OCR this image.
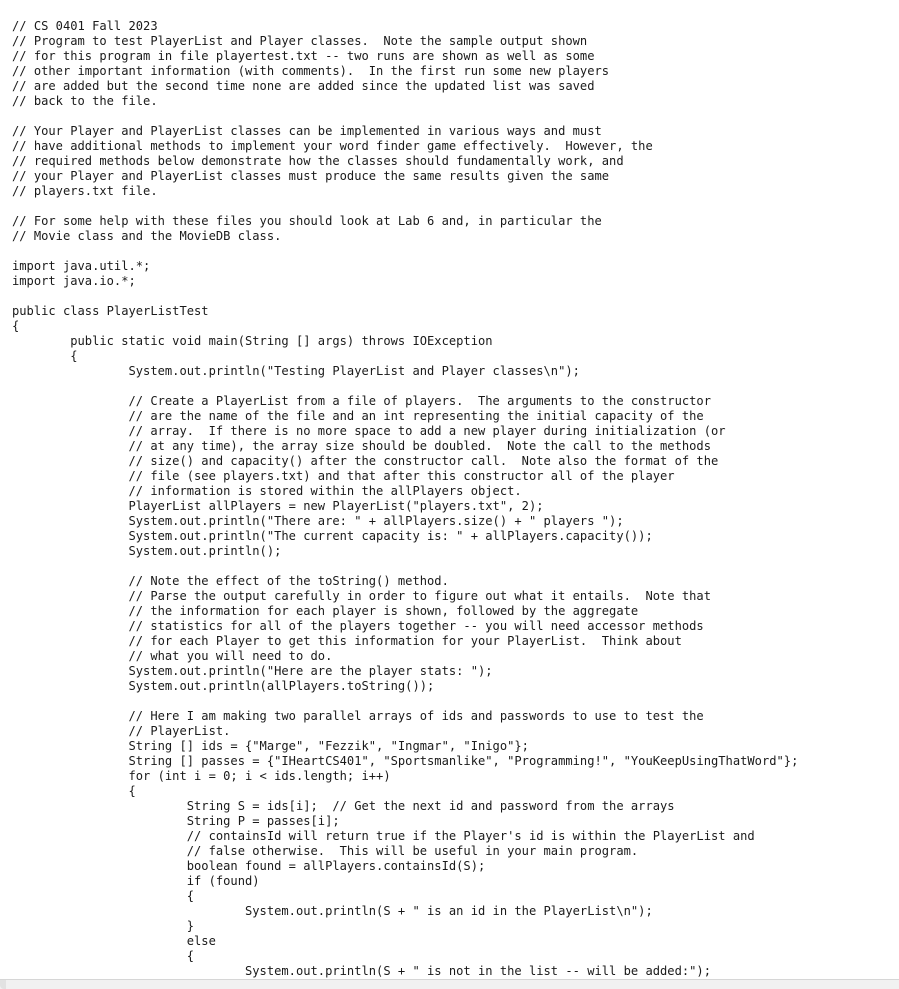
// CS 0401 Fall 2023
// Program to test PlayerList and Player classes.  Note the sample output shown
// for this program in file playertest.txt -- two runs are shown as well as some
// other important information (with comments).  In the first run some new players
// are added but the second time none are added since the updated list was saved
// back to the file.
// Your Player and PlayerList classes can be implemented in various ways and must
// have additional methods to implement your word finder game effectively.  However, the
// required methods below demonstrate how the classes should fundamentally work, and
// your Player and PlayerList classes must produce the same results given the same
// players.txt file.
// For some help with these files you should look at Lab 6 and, in particular the
// Movie class and the MovieDB class.
import java.util.*;
import java.io.*;
public class PlayerListTest
{
public static void main(String [] args) throws IOException
{
System.out.println("Testing PlayerList and Player classes\n");
// Create a PlayerList from a file of players.  The arguments to the constructor
// are the name of the file and an int representing the initial capacity of the
// array.  If there is no more space to add a new player during initialization (or
// at any time), the array size should be doubled.  Note the call to the methods
// size() and capacity() after the constructor call.  Note also the format of the
// file (see players.txt) and that after this constructor all of the player
// information is stored within the allPlayers object.
PlayerList allPlayers = new PlayerList("players.txt", 2);
System.out.println("There are: " + allPlayers.size() + " players ");
System.out.println("The current capacity is: " + allPlayers.capacity());
System.out.println();
// Note the effect of the toString() method.
// Parse the output carefully in order to figure out what it entails.  Note that
// the information for each player is shown, followed by the aggregate
// statistics for all of the players together -- you will need accessor methods
// for each Player to get this information for your PlayerList.  Think about
// what you will need to do.
System.out.println("Here are the player stats: ");
System.out.println(allPlayers.toString());
// Here I am making two parallel arrays of ids and passwords to use to test the
// PlayerList.
String [] ids = {"Marge", "Fezzik", "Ingmar", "Inigo"};
String [] passes = {"IHeartCS401", "Sportsmanlike", "Programming!", "YouKeepUsingThatWord"};
for (int i = 0; i < ids.length; i++)
{
String S = ids[i];  // Get the next id and password from the arrays
String P = passes[i];
// containsId will return true if the Player's id is within the PlayerList and
// false otherwise.  This will be useful in your main program.
boolean found = allPlayers.containsId(S);
if (found)
{
System.out.println(S + " is an id in the PlayerList\n");
}
else
{
System.out.println(S + " is not in the list -- will be added:");
